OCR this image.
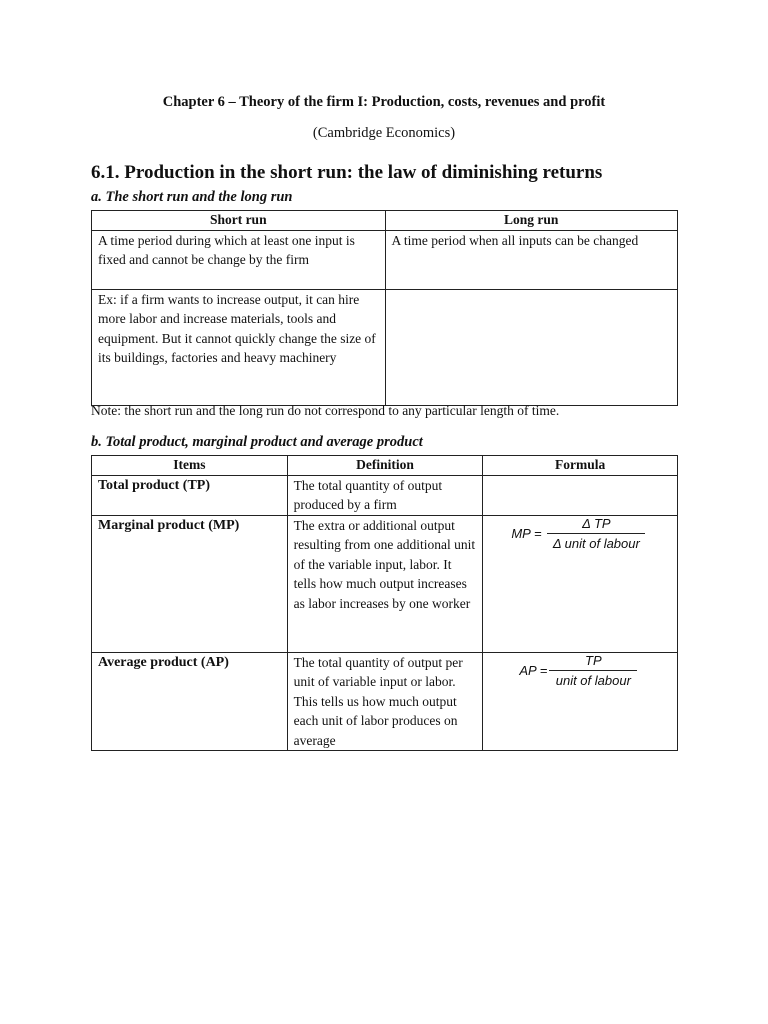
Chapter 6 – Theory of the firm I: Production, costs, revenues and profit
(Cambridge Economics)
6.1. Production in the short run: the law of diminishing returns
a. The short run and the long run
Short run	Long run
A time period during which at least one input is fixed and cannot be change by the firm	A time period when all inputs can be changed
Ex: if a firm wants to increase output, it can hire more labor and increase materials, tools and equipment. But it cannot quickly change the size of its buildings, factories and heavy machinery	
Note: the short run and the long run do not correspond to any particular length of time.
b. Total product, marginal product and average product
Items	Definition	Formula
Total product (TP)	The total quantity of output produced by a firm	
Marginal product (MP)	The extra or additional output resulting from one additional unit of the variable input, labor. It tells how much output increases as labor increases by one worker	MP =
Δ TP
Δ unit of labour

Average product (AP)	The total quantity of output per unit of variable input or labor. This tells us how much output each unit of labor produces on average	AP =
TP
unit of labour
